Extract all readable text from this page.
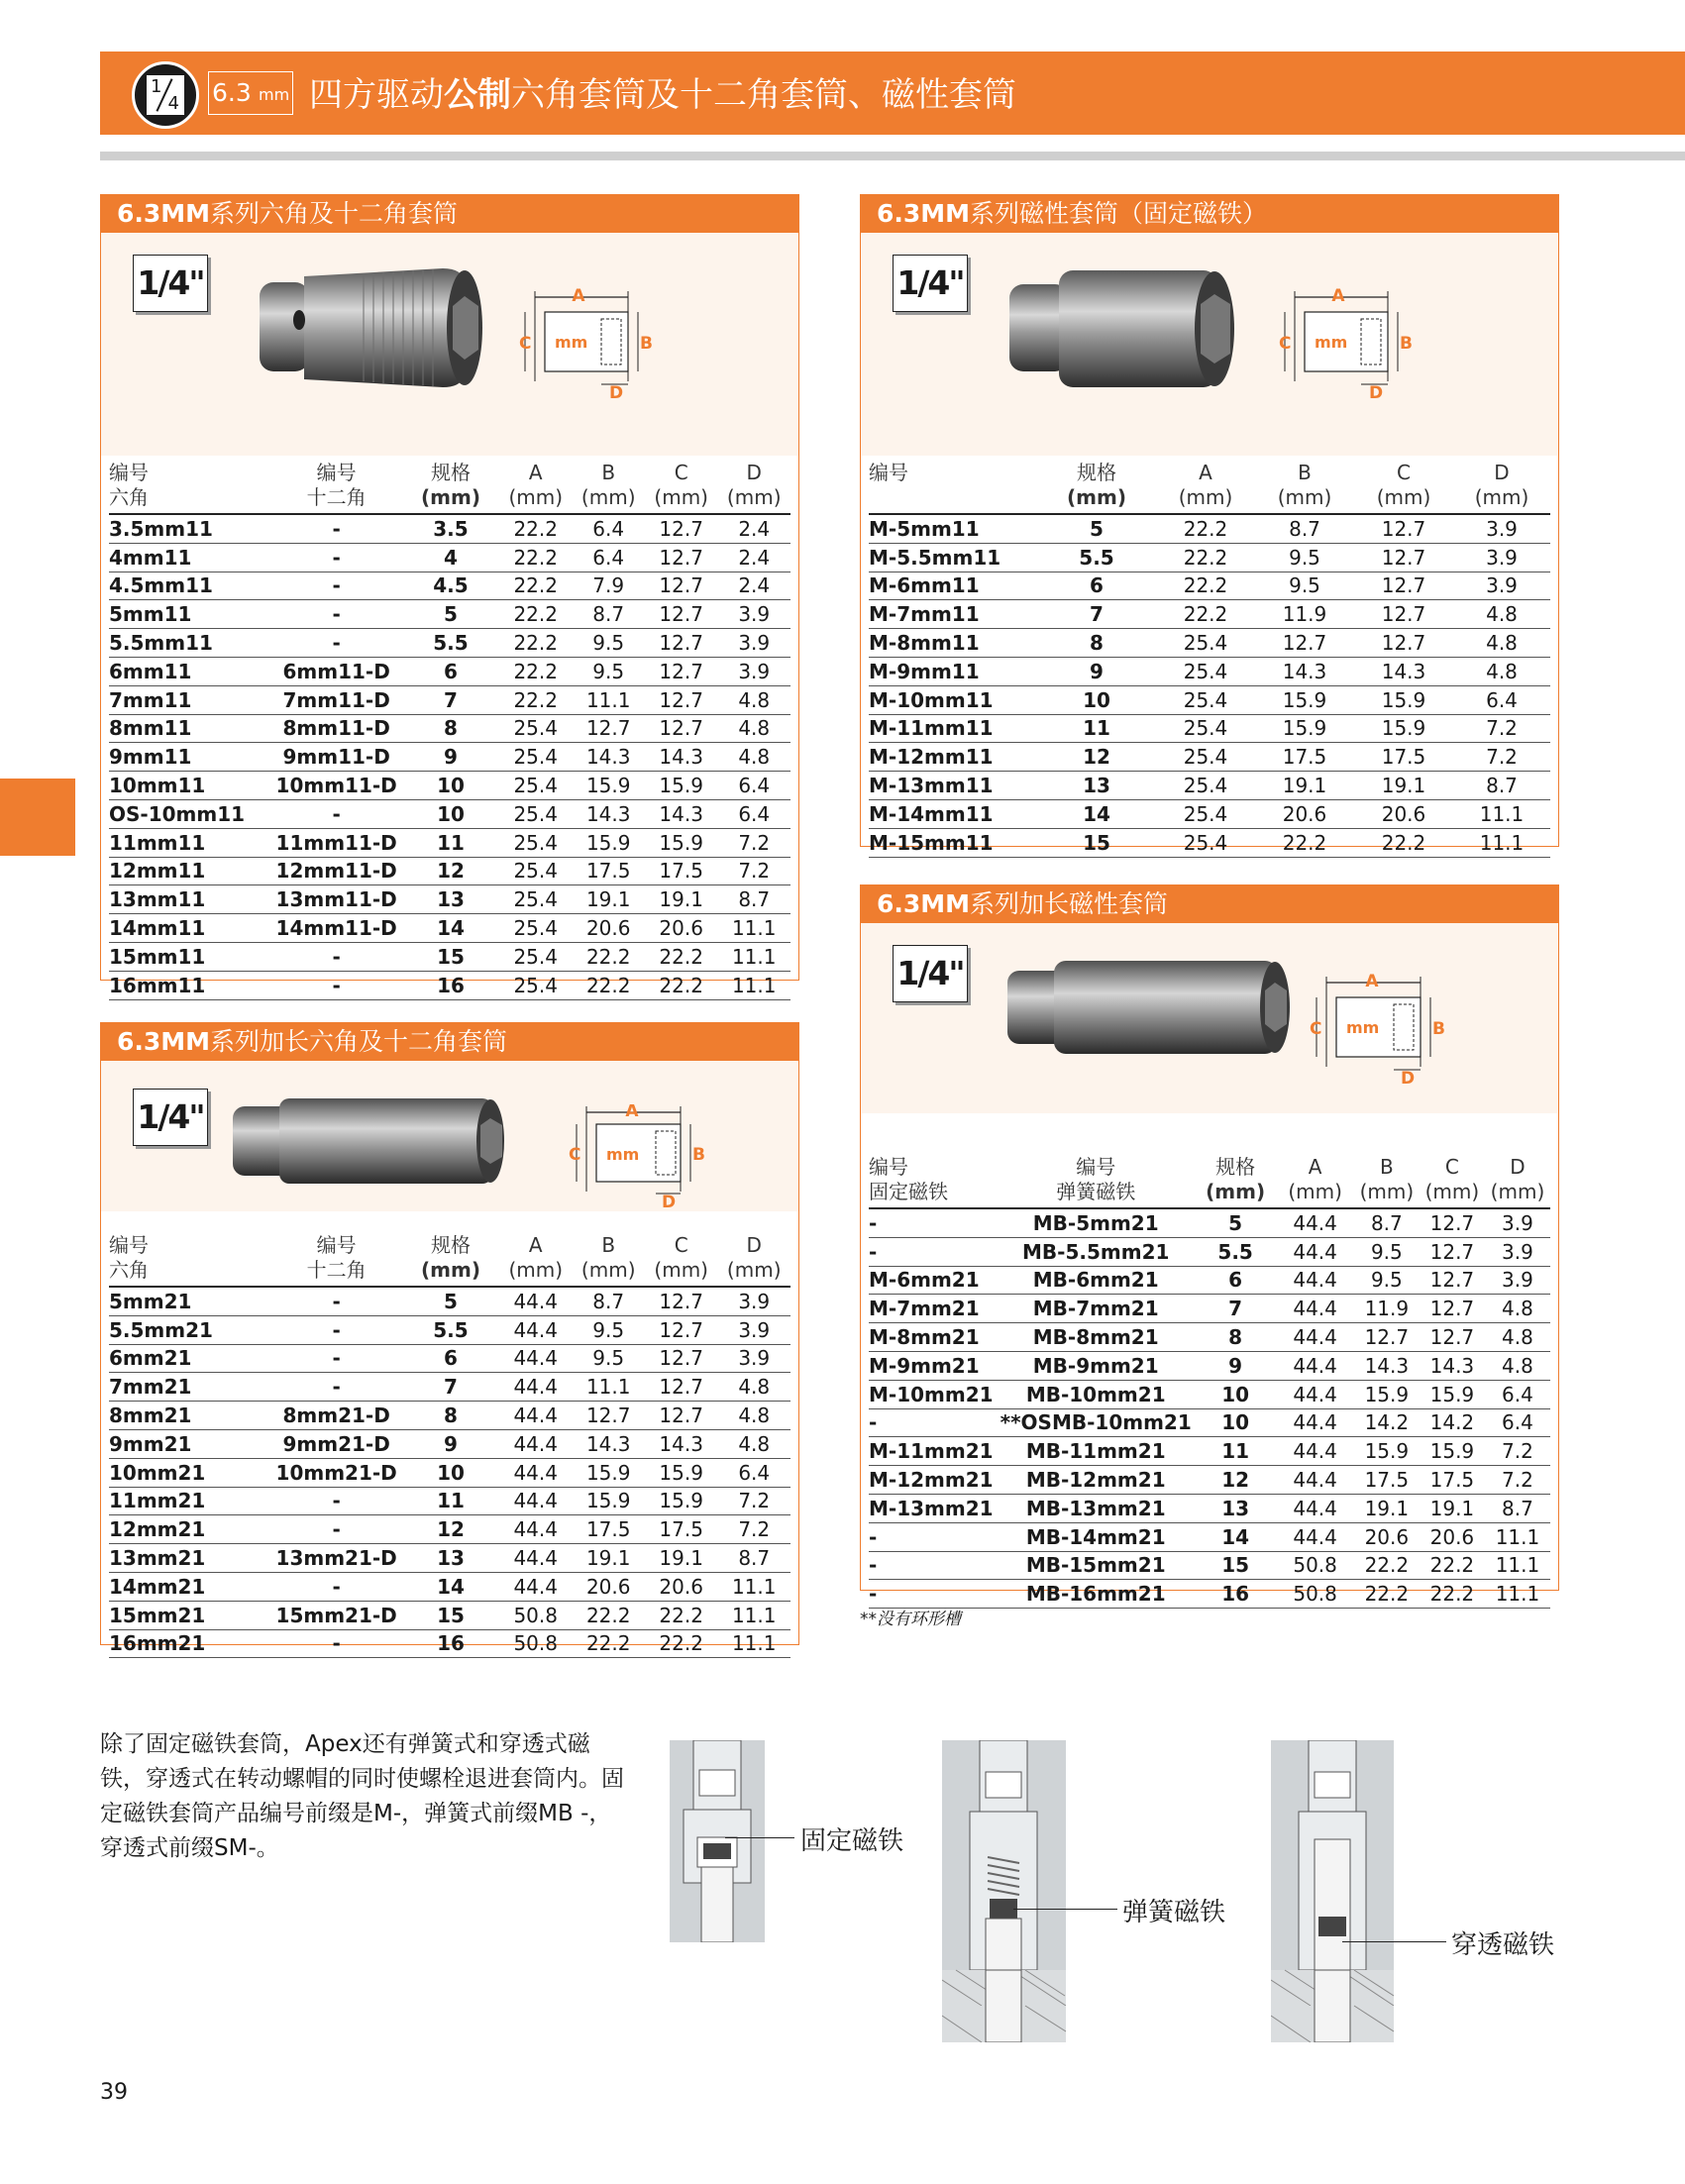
1
4 6.3 mm 四方驱动公制六角套筒及十二角套筒、磁性套筒
6.3MM系列六角及十二角套筒
1/4"	A
C	B
D
mm
编号	编号	规格	A	B	C	D
六角	十二角	(mm)	(mm)	(mm)	(mm)	(mm)
3.5mm11	-	3.5	22.2	6.4	12.7	2.4
4mm11	-	4	22.2	6.4	12.7	2.4
4.5mm11	-	4.5	22.2	7.9	12.7	2.4
5mm11	-	5	22.2	8.7	12.7	3.9
5.5mm11	-	5.5	22.2	9.5	12.7	3.9
6mm11	6mm11-D	6	22.2	9.5	12.7	3.9
7mm11	7mm11-D	7	22.2	11.1	12.7	4.8
8mm11	8mm11-D	8	25.4	12.7	12.7	4.8
9mm11	9mm11-D	9	25.4	14.3	14.3	4.8
10mm11	10mm11-D	10	25.4	15.9	15.9	6.4
OS-10mm11	-	10	25.4	14.3	14.3	6.4
11mm11	11mm11-D	11	25.4	15.9	15.9	7.2
12mm11	12mm11-D	12	25.4	17.5	17.5	7.2
13mm11	13mm11-D	13	25.4	19.1	19.1	8.7
14mm11	14mm11-D	14	25.4	20.6	20.6	11.1
15mm11	-	15	25.4	22.2	22.2	11.1
16mm11	-	16	25.4	22.2	22.2	11.1
6.3MM系列加长六角及十二角套筒
1/4"	A
C	B
D
mm
编号	编号	规格	A	B	C	D
六角	十二角	(mm)	(mm)	(mm)	(mm)	(mm)
5mm21	-	5	44.4	8.7	12.7	3.9
5.5mm21	-	5.5	44.4	9.5	12.7	3.9
6mm21	-	6	44.4	9.5	12.7	3.9
7mm21	-	7	44.4	11.1	12.7	4.8
8mm21	8mm21-D	8	44.4	12.7	12.7	4.8
9mm21	9mm21-D	9	44.4	14.3	14.3	4.8
10mm21	10mm21-D	10	44.4	15.9	15.9	6.4
11mm21	-	11	44.4	15.9	15.9	7.2
12mm21	-	12	44.4	17.5	17.5	7.2
13mm21	13mm21-D	13	44.4	19.1	19.1	8.7
14mm21	-	14	44.4	20.6	20.6	11.1
15mm21	15mm21-D	15	50.8	22.2	22.2	11.1
16mm21	-	16	50.8	22.2	22.2	11.1
6.3MM系列磁性套筒（固定磁铁）
1/4"	A
C	B
D
mm
编号	规格	A	B	C	D
	(mm)	(mm)	(mm)	(mm)	(mm)
M-5mm11	5	22.2	8.7	12.7	3.9
M-5.5mm11	5.5	22.2	9.5	12.7	3.9
M-6mm11	6	22.2	9.5	12.7	3.9
M-7mm11	7	22.2	11.9	12.7	4.8
M-8mm11	8	25.4	12.7	12.7	4.8
M-9mm11	9	25.4	14.3	14.3	4.8
M-10mm11	10	25.4	15.9	15.9	6.4
M-11mm11	11	25.4	15.9	15.9	7.2
M-12mm11	12	25.4	17.5	17.5	7.2
M-13mm11	13	25.4	19.1	19.1	8.7
M-14mm11	14	25.4	20.6	20.6	11.1
M-15mm11	15	25.4	22.2	22.2	11.1
6.3MM系列加长磁性套筒
1/4"	A
C	B
D
mm
编号	编号	规格	A	B	C	D
固定磁铁	弹簧磁铁	(mm)	(mm)	(mm)	(mm)	(mm)
-	MB-5mm21	5	44.4	8.7	12.7	3.9
-	MB-5.5mm21	5.5	44.4	9.5	12.7	3.9
M-6mm21	MB-6mm21	6	44.4	9.5	12.7	3.9
M-7mm21	MB-7mm21	7	44.4	11.9	12.7	4.8
M-8mm21	MB-8mm21	8	44.4	12.7	12.7	4.8
M-9mm21	MB-9mm21	9	44.4	14.3	14.3	4.8
M-10mm21	MB-10mm21	10	44.4	15.9	15.9	6.4
-	**OSMB-10mm21	10	44.4	14.2	14.2	6.4
M-11mm21	MB-11mm21	11	44.4	15.9	15.9	7.2
M-12mm21	MB-12mm21	12	44.4	17.5	17.5	7.2
M-13mm21	MB-13mm21	13	44.4	19.1	19.1	8.7
-	MB-14mm21	14	44.4	20.6	20.6	11.1
-	MB-15mm21	15	50.8	22.2	22.2	11.1
-	MB-16mm21	16	50.8	22.2	22.2	11.1
**没有环形槽
除了固定磁铁套筒，Apex还有弹簧式和穿透式磁铁，穿透式在转动螺帽的同时使螺栓退进套筒内。固定磁铁套筒产品编号前缀是M-，弹簧式前缀MB -，穿透式前缀SM-。	固定磁铁
弹簧磁铁
穿透磁铁
39
